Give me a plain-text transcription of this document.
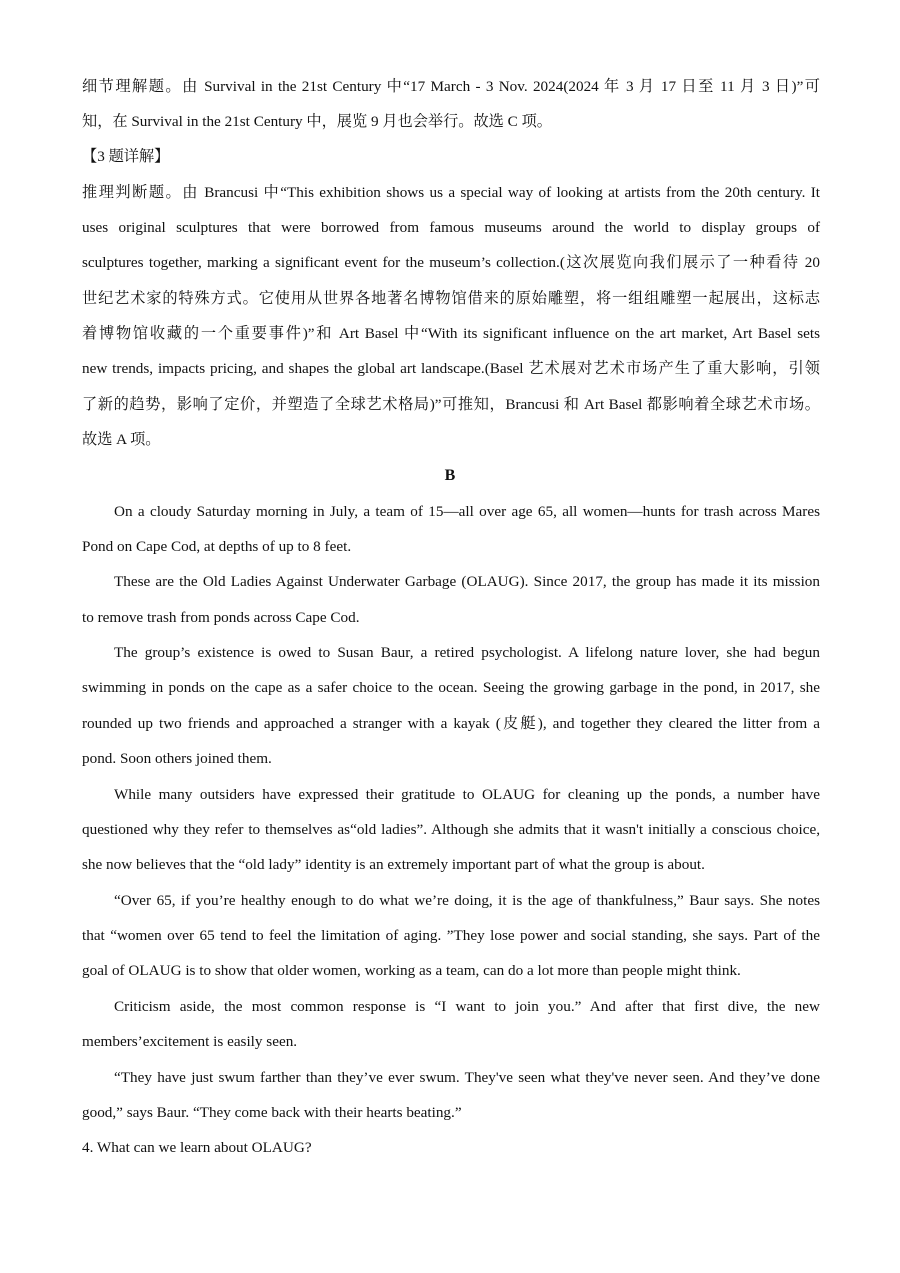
细节理解题。由 Survival in the 21st Century 中“17 March - 3 Nov. 2024(2024 年 3 月 17 日至 11 月 3 日)”可
知，在 Survival in the 21st Century 中，展览 9 月也会举行。故选 C 项。
【3 题详解】
推理判断题。由 Brancusi 中“This exhibition shows us a special way of looking at artists from the 20th century. It
uses original sculptures that were borrowed from famous museums around the world to display groups of
sculptures together, marking a significant event for the museum’s collection.(这次展览向我们展示了一种看待 20
世纪艺术家的特殊方式。它使用从世界各地著名博物馆借来的原始雕塑，将一组组雕塑一起展出，这标志
着博物馆收藏的一个重要事件)”和 Art Basel 中“With its significant influence on the art market, Art Basel sets
new trends, impacts pricing, and shapes the global art landscape.(Basel 艺术展对艺术市场产生了重大影响，引领
了新的趋势，影响了定价，并塑造了全球艺术格局)”可推知，Brancusi 和 Art Basel 都影响着全球艺术市场。
故选 A 项。
B
On a cloudy Saturday morning in July, a team of 15—all over age 65, all women—hunts for trash across Mares
Pond on Cape Cod, at depths of up to 8 feet.
These are the Old Ladies Against Underwater Garbage (OLAUG). Since 2017, the group has made it its mission
to remove trash from ponds across Cape Cod.
The group’s existence is owed to Susan Baur, a retired psychologist. A lifelong nature lover, she had begun
swimming in ponds on the cape as a safer choice to the ocean. Seeing the growing garbage in the pond, in 2017, she
rounded up two friends and approached a stranger with a kayak (皮艇), and together they cleared the litter from a
pond. Soon others joined them.
While many outsiders have expressed their gratitude to OLAUG for cleaning up the ponds, a number have
questioned why they refer to themselves as“old ladies”. Although she admits that it wasn't initially a conscious choice,
she now believes that the “old lady” identity is an extremely important part of what the group is about.
“Over 65, if you’re healthy enough to do what we’re doing, it is the age of thankfulness,” Baur says. She notes
that “women over 65 tend to feel the limitation of aging. ”They lose power and social standing, she says. Part of the
goal of OLAUG is to show that older women, working as a team, can do a lot more than people might think.
Criticism aside, the most common response is “I want to join you.” And after that first dive, the new
members’excitement is easily seen.
“They have just swum farther than they’ve ever swum. They've seen what they've never seen. And they’ve done
good,” says Baur. “They come back with their hearts beating.”
4. What can we learn about OLAUG?
